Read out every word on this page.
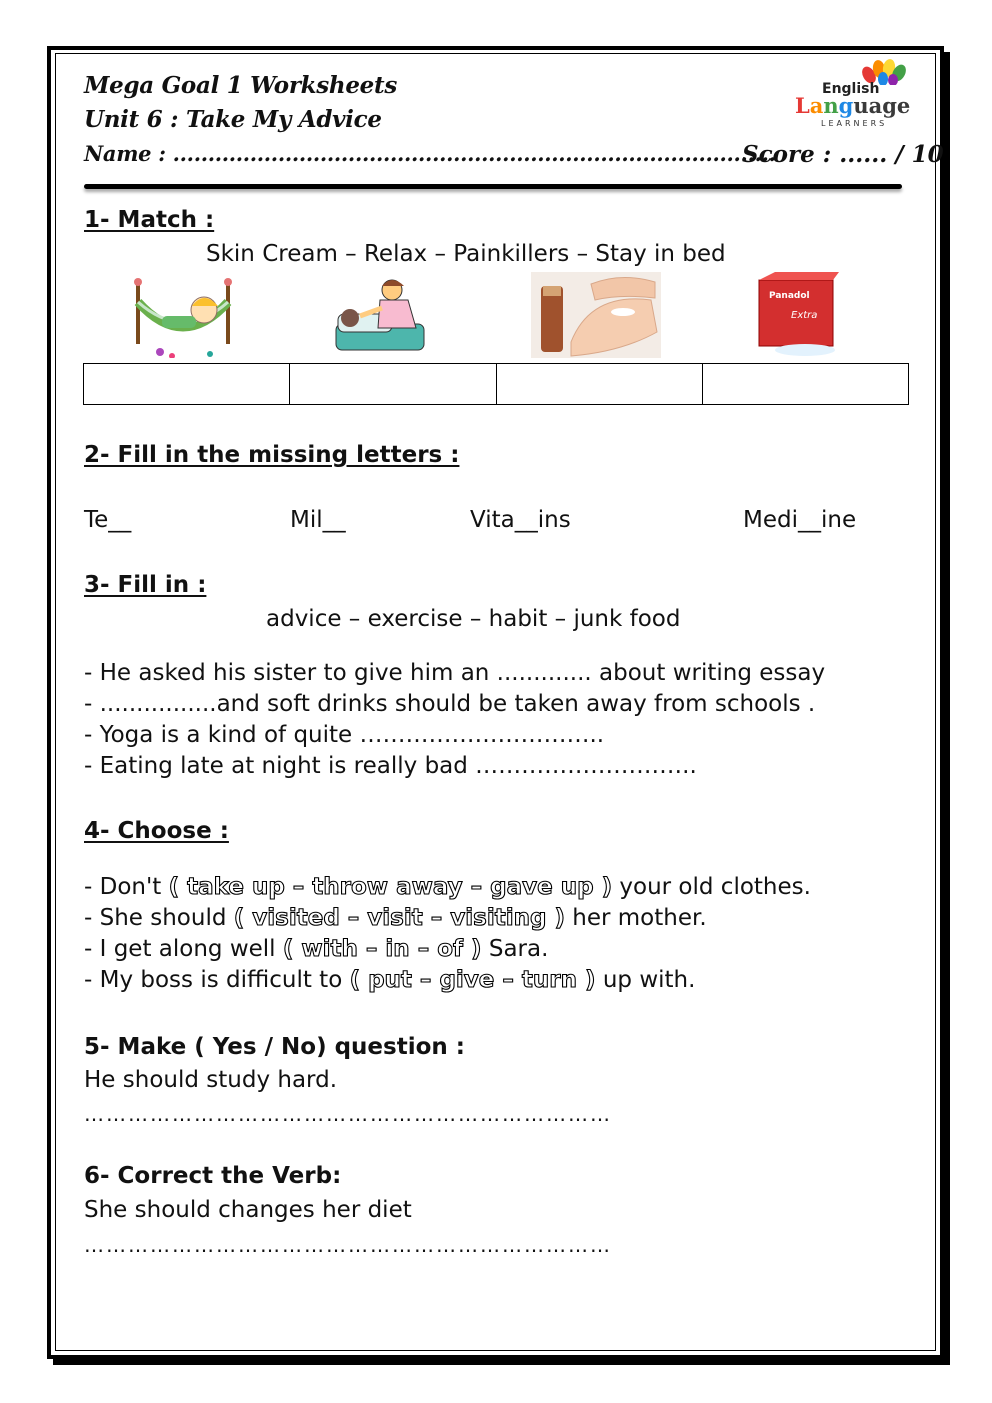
Mega Goal 1 Worksheets
Unit 6 : Take My Advice
Name : ......................................................................................
Score : ...... / 10
English
Language
LEARNERS
1- Match :
Skin Cream – Relax – Painkillers – Stay in bed
Panadol
Extra

2- Fill in the missing letters :
Te__	Mil__	Vita__ins	Medi__ine
3- Fill in :
advice – exercise – habit – junk food
- He asked his sister to give him an ............. about writing essay
- ................and soft drinks should be taken away from schools .
- Yoga is a kind of quite …………………………..
- Eating late at night is really bad ………………………..
4- Choose :
- Don't ( take up – throw away – gave up ) your old clothes.
- She should ( visited – visit – visiting ) her mother.
- I get along well ( with – in – of ) Sara.
- My boss is difficult to ( put – give – turn ) up with.
5- Make ( Yes / No) question :
He should study hard.
………………………………………………………………
6- Correct the Verb:
She should changes her diet
………………………………………………………………
